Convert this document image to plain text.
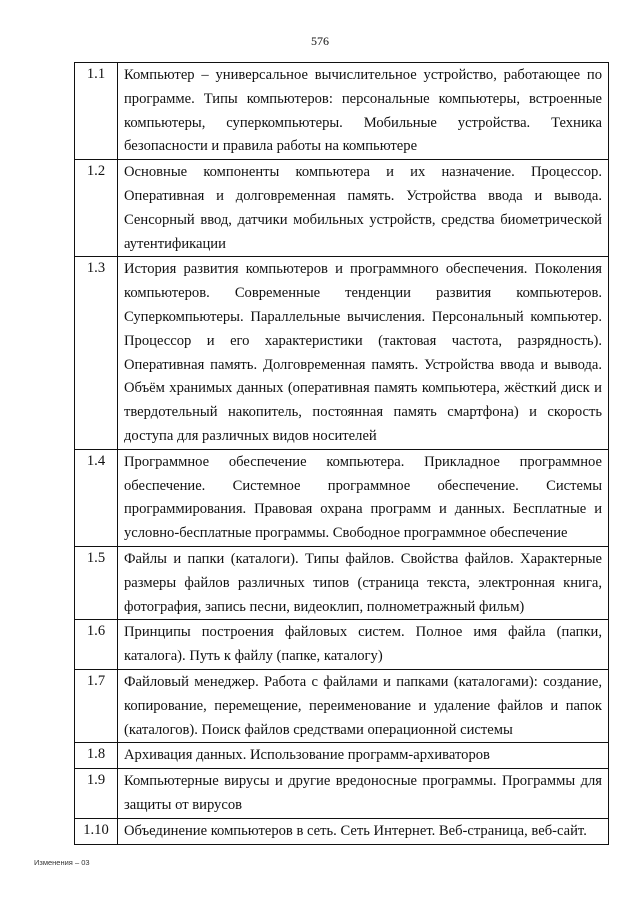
576
1.1	Компьютер – универсальное вычислительное устройство, работающее по программе. Типы компьютеров: персональные компьютеры, встроенные компьютеры, суперкомпьютеры. Мобильные устройства. Техника безопасности и правила работы на компьютере
1.2	Основные компоненты компьютера и их назначение. Процессор. Оперативная и долговременная память. Устройства ввода и вывода. Сенсорный ввод, датчики мобильных устройств, средства биометрической аутентификации
1.3	История развития компьютеров и программного обеспечения. Поколения компьютеров. Современные тенденции развития компьютеров. Суперкомпьютеры. Параллельные вычисления. Персональный компьютер. Процессор и его характеристики (тактовая частота, разрядность). Оперативная память. Долговременная память. Устройства ввода и вывода. Объём хранимых данных (оперативная память компьютера, жёсткий диск и твердотельный накопитель, постоянная память смартфона) и скорость доступа для различных видов носителей
1.4	Программное обеспечение компьютера. Прикладное программное обеспечение. Системное программное обеспечение. Системы программирования. Правовая охрана программ и данных. Бесплатные и условно-бесплатные программы. Свободное программное обеспечение
1.5	Файлы и папки (каталоги). Типы файлов. Свойства файлов. Характерные размеры файлов различных типов (страница текста, электронная книга, фотография, запись песни, видеоклип, полнометражный фильм)
1.6	Принципы построения файловых систем. Полное имя файла (папки, каталога). Путь к файлу (папке, каталогу)
1.7	Файловый менеджер. Работа с файлами и папками (каталогами): создание, копирование, перемещение, переименование и удаление файлов и папок (каталогов). Поиск файлов средствами операционной системы
1.8	Архивация данных. Использование программ-архиваторов
1.9	Компьютерные вирусы и другие вредоносные программы. Программы для защиты от вирусов
1.10	Объединение компьютеров в сеть. Сеть Интернет. Веб-страница, веб-сайт.
Изменения – 03
